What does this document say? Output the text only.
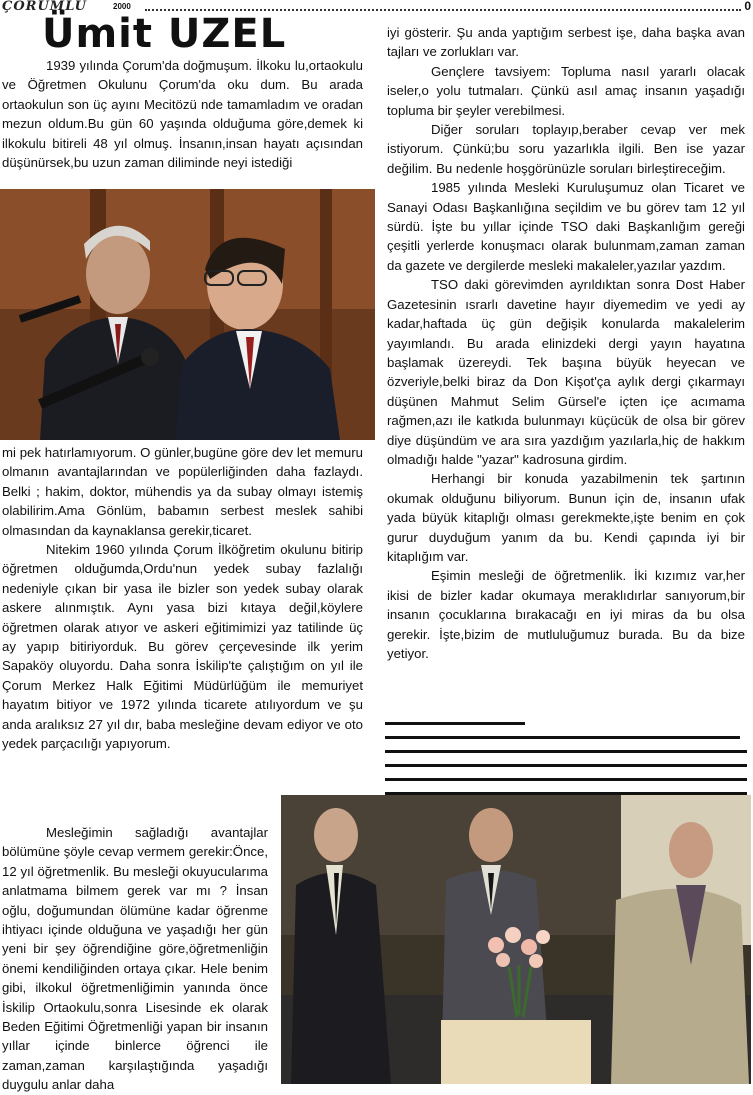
ÇORUMLU	2000	0
Ümit UZEL

1939 yılında Çorum'da doğmuşum. İlkoku lu,ortaokulu ve Öğretmen Okulunu Çorum'da oku dum. Bu arada ortaokulun son üç ayını Mecitözü nde tamamladım ve oradan mezun oldum.Bu gün 60 yaşında olduğuma göre,demek ki ilkokulu bitireli 48 yıl olmuş. İnsanın,insan hayatı açısından düşünürsek,bu uzun zaman diliminde neyi istediği

mi pek hatırlamıyorum. O günler,bugüne göre dev let memuru olmanın avantajlarından ve popülerliğinden daha fazlaydı. Belki ; hakim, doktor, mühendis ya da subay olmayı istemiş olabilirim.Ama Gönlüm, babamın serbest meslek sahibi olmasından da kaynaklansa gerekir,ticaret.

Nitekim 1960 yılında Çorum İlköğretim okulunu bitirip öğretmen olduğumda,Ordu'nun yedek subay fazlalığı nedeniyle çıkan bir yasa ile bizler son yedek subay olarak askere alınmıştık. Aynı yasa bizi kıtaya değil,köylere öğretmen olarak atıyor ve askeri eğitimimizi yaz tatilinde üç ay yapıp bitiriyorduk. Bu görev çerçevesinde ilk yerim Sapaköy oluyordu. Daha sonra İskilip'te çalıştığım on yıl ile Çorum Merkez Halk Eğitimi Müdürlüğüm ile memuriyet hayatım bitiyor ve 1972 yılında ticarete atılıyordum ve şu anda aralıksız 27 yıl dır, baba mesleğine devam ediyor ve oto yedek parçacılığı yapıyorum.

Mesleğimin sağladığı avantajlar bölümüne şöyle cevap vermem gerekir:Önce, 12 yıl öğretmenlik. Bu mesleği okuyucularıma anlatmama bilmem gerek var mı ? İnsan oğlu, doğumundan ölümüne kadar öğrenme ihtiyacı içinde olduğuna ve yaşadığı her gün yeni bir şey öğrendiğine göre,öğretmenliğin önemi kendiliğinden ortaya çıkar. Hele benim gibi, ilkokul öğretmenliğimin yanında önce İskilip Ortaokulu,sonra Lisesinde ek olarak Beden Eğitimi Öğretmenliği yapan bir insanın yıllar içinde binlerce öğrenci ile zaman,zaman karşılaştığında yaşadığı duygulu anlar daha

iyi gösterir. Şu anda yaptığım serbest işe, daha başka avan tajları ve zorlukları var.

Gençlere tavsiyem: Topluma nasıl yararlı olacak iseler,o yolu tutmaları. Çünkü asıl amaç insanın yaşadığı topluma bir şeyler verebilmesi.

Diğer soruları toplayıp,beraber cevap ver mek istiyorum. Çünkü;bu soru yazarlıkla ilgili. Ben ise yazar değilim. Bu nedenle hoşgörünüzle soruları birleştireceğim.

1985 yılında Mesleki Kuruluşumuz olan Ticaret ve Sanayi Odası Başkanlığına seçildim ve bu görev tam 12 yıl sürdü. İşte bu yıllar içinde TSO daki Başkanlığım gereği çeşitli yerlerde konuşmacı olarak bulunmam,zaman zaman da gazete ve dergilerde mesleki makaleler,yazılar yazdım.

TSO daki görevimden ayrıldıktan sonra Dost Haber Gazetesinin ısrarlı davetine hayır diyemedim ve yedi ay kadar,haftada üç gün değişik konularda makalelerim yayımlandı. Bu arada elinizdeki dergi yayın hayatına başlamak üzereydi. Tek başına büyük heyecan ve özveriyle,belki biraz da Don Kişot'ça aylık dergi çıkarmayı düşünen Mahmut Selim Gürsel'e içten içe acımama rağmen,azı ile katkıda bulunmayı küçücük de olsa bir görev diye düşündüm ve ara sıra yazdığım yazılarla,hiç de hakkım olmadığı halde "yazar" kadrosuna girdim.

Herhangi bir konuda yazabilmenin tek şartının okumak olduğunu biliyorum. Bunun için de, insanın ufak yada büyük kitaplığı olması gerekmekte,işte benim en çok gurur duyduğum yanım da bu. Kendi çapında iyi bir kitaplığım var.

Eşimin mesleği de öğretmenlik. İki kızımız var,her ikisi de bizler kadar okumaya meraklıdırlar sanıyorum,bir insanın çocuklarına bırakacağı en iyi miras da bu olsa gerekir. İşte,bizim de mutluluğumuz burada. Bu da bize yetiyor.
